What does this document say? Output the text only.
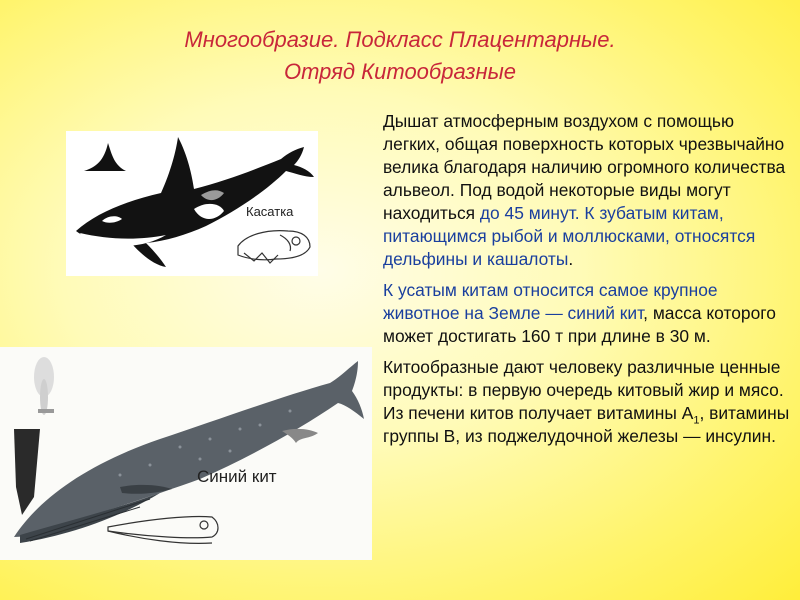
Многообразие. Подкласс Плацентарные.
Отряд Китообразные
Касатка
Синий кит

Дышат атмосферным воздухом с помощью легких, общая поверхность которых чрезвычайно велика благодаря наличию огромного количества альвеол. Под водой некоторые виды могут находиться до 45 минут. К зубатым китам, питающимся рыбой и моллюсками, относятся дельфины и кашалоты.

К усатым китам относится самое крупное животное на Земле — синий кит, масса которого может достигать 160 т при длине в 30 м.

Китообразные дают человеку различные ценные продукты: в первую очередь китовый жир и мясо. Из печени китов получает витамины $А_1$, витамины группы В, из поджелудочной железы — инсулин.
